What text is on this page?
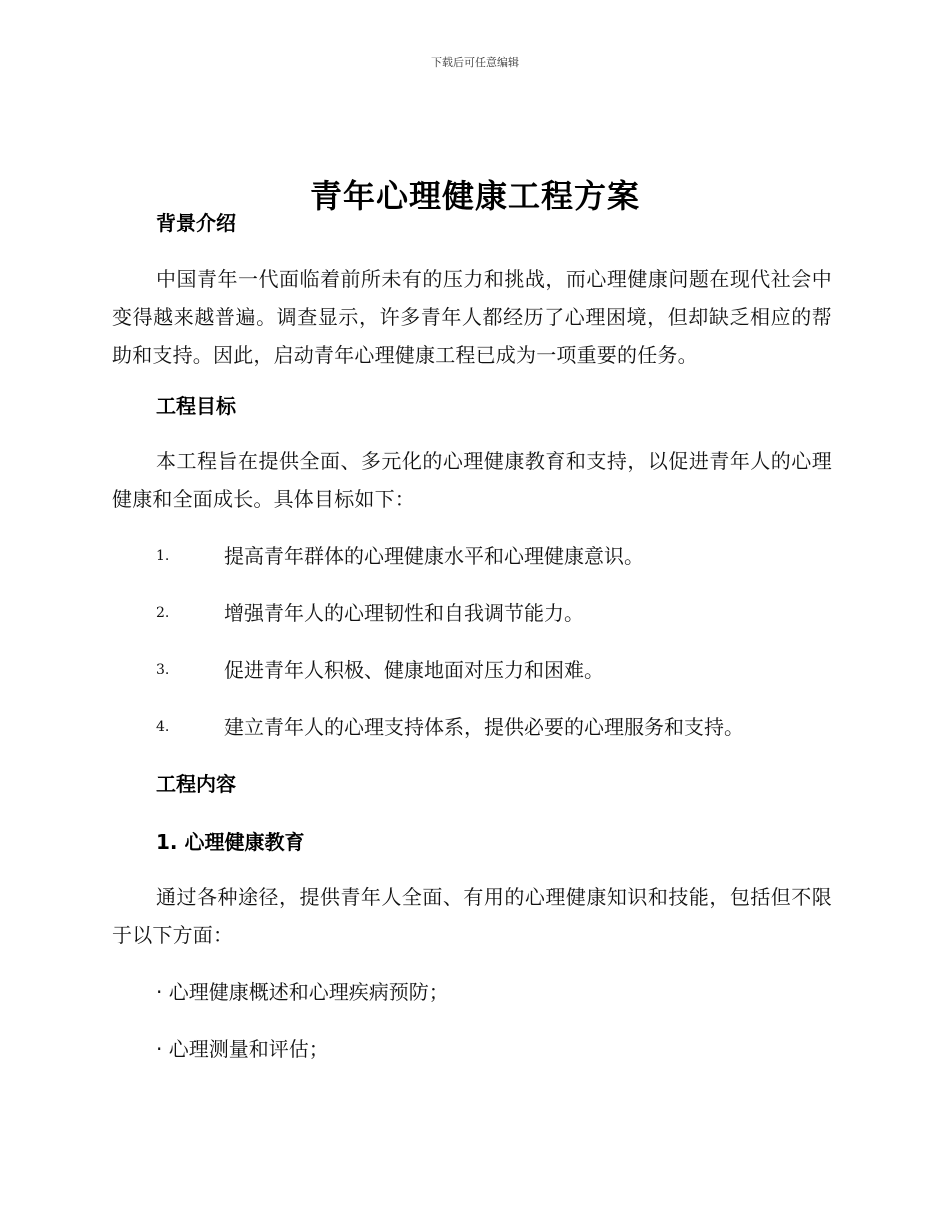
下载后可任意编辑
青年心理健康工程方案
背景介绍

中国青年一代面临着前所未有的压力和挑战，而心理健康问题在现代社会中变得越来越普遍。调查显示，许多青年人都经历了心理困境，但却缺乏相应的帮助和支持。因此，启动青年心理健康工程已成为一项重要的任务。

工程目标

本工程旨在提供全面、多元化的心理健康教育和支持，以促进青年人的心理健康和全面成长。具体目标如下：

1.	提高青年群体的心理健康水平和心理健康意识。
2.	增强青年人的心理韧性和自我调节能力。
3.	促进青年人积极、健康地面对压力和困难。
4.	建立青年人的心理支持体系，提供必要的心理服务和支持。
工程内容
1. 心理健康教育

通过各种途径，提供青年人全面、有用的心理健康知识和技能，包括但不限于以下方面：

· 心理健康概述和心理疾病预防；

· 心理测量和评估；
